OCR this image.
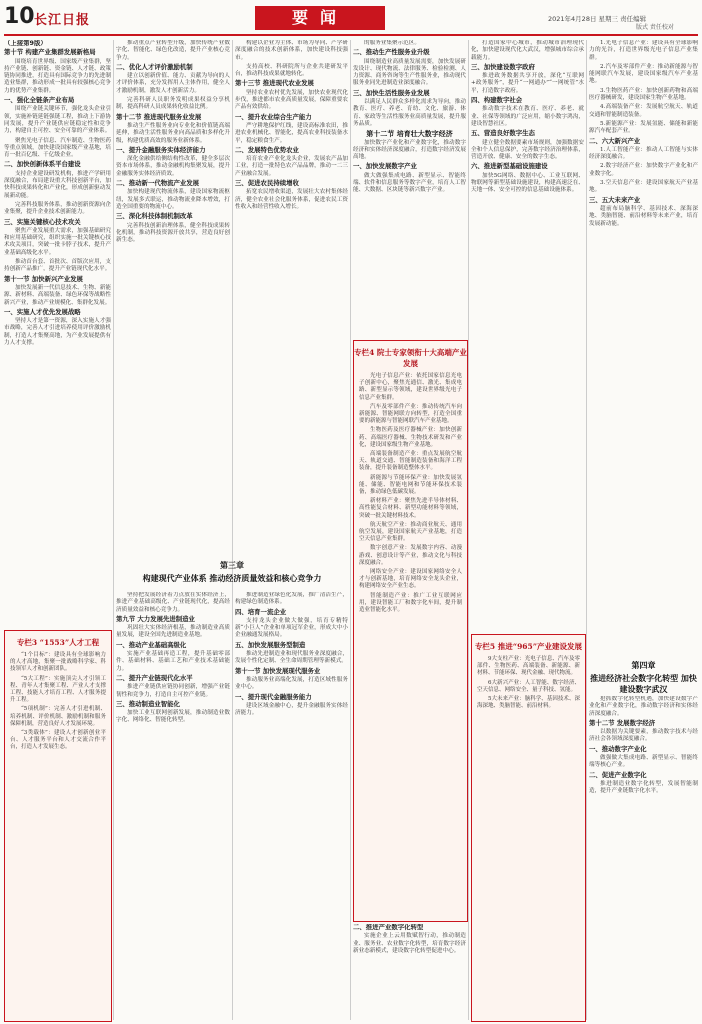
10 长江日报	要闻	2021年4月28日 星期三 责任编辑
版式 责任校对

（上接第9版）

第十节 构建产业集群发展新格局

围绕培育世界级、国家级产业集群，坚持产业链、创新链、资金链、人才链、政策链协同推进，打造具有国际竞争力的先进制造业集群，推动形成一批具有较强核心竞争力的优势产业集群。

一、强化全链条产业布局

围绕产业链关键环节，强化龙头企业引领，实施补链延链强链工程，推动上下游协同发展，提升产业链供应链稳定性和竞争力，构建自主可控、安全可靠的产业体系。

聚焦光电子信息、汽车制造、生物医药等重点领域，加快建设国家级产业基地，培育一批百亿级、千亿级企业。

二、加快创新体系平台建设

支持企业建设研发机构，推进产学研用深度融合，布局建设重大科技创新平台，加快科技成果转化和产业化，形成创新驱动发展新动能。

完善科技服务体系，推动创新资源向企业集聚，提升企业技术创新能力。

三、实施关键核心技术攻关

聚焦产业发展重大需求，加强基础研究和应用基础研究，组织实施一批关键核心技术攻关项目，突破一批卡脖子技术，提升产业基础高级化水平。

推动首台套、首批次、首版次应用，支持创新产品推广，提升产业链现代化水平。

第十一节 加快新兴产业发展

加快发展新一代信息技术、生物、新能源、新材料、高端装备、绿色环保等战略性新兴产业，推动产业规模化、集群化发展。

一、实施人才优先发展战略

坚持人才是第一资源，深入实施人才强市战略，完善人才引进培养使用评价激励机制，打造人才集聚高地，为产业发展提供有力人才支撑。

专栏3 “1553”人才工程

“1个目标”：建设具有全球影响力的人才高地，集聚一批战略科学家、科技领军人才和创新团队。

“5大工程”：实施顶尖人才引领工程、青年人才集聚工程、产业人才支撑工程、技能人才培育工程、人才服务提升工程。

“5项机制”：完善人才引进机制、培养机制、评价机制、激励机制和服务保障机制，营造良好人才发展环境。

“3类载体”：建设人才创新创业平台、人才服务平台和人才交流合作平台，打造人才发展生态。

推动重点产业转型升级，加快传统产业数字化、智能化、绿色化改造，提升产业核心竞争力。

二、优化人才评价激励机制

建立以创新价值、能力、贡献为导向的人才评价体系，充分发挥用人主体作用，健全人才激励机制，激发人才创新活力。

完善科研人员职务发明成果权益分享机制，提高科研人员成果转化收益比例。

第十二节 推进现代服务业发展

推动生产性服务业向专业化和价值链高端延伸，推动生活性服务业向高品质和多样化升级，构建优质高效的服务业新体系。

一、提升金融服务实体经济能力

深化金融供给侧结构性改革，健全多层次资本市场体系，推动金融机构集聚发展，提升金融服务实体经济质效。

二、推动新一代物流产业发展

加快构建现代物流体系，建设国家物流枢纽，发展多式联运，推动物流业降本增效，打造全国重要的物流中心。

三、深化科技体制机制改革

完善科技创新治理体系，健全科技成果转化机制，推动科技资源开放共享，营造良好创新生态。

构建以企业为主体、市场为导向、产学研深度融合的技术创新体系，加快建设科技强市。

支持高校、科研院所与企业共建研发平台，推动科技成果就地转化。

第十三节 推进现代农业发展

坚持农业农村优先发展，加快农业现代化步伐，推进都市农业高质量发展，保障重要农产品有效供给。

一、提升农业综合生产能力

严守耕地保护红线，建设高标准农田，推进农业机械化、智能化，提高农业科技装备水平，稳定粮食生产。

二、发展特色优势农业

培育农业产业化龙头企业，发展农产品加工业，打造一批特色农产品品牌，推动一二三产业融合发展。

三、促进农民持续增收

拓宽农民增收渠道，发展壮大农村集体经济，健全农业社会化服务体系，促进农民工资性收入和经营性收入增长。

的服务业集聚示范区。

二、推动生产性服务业升级

围绕制造业高质量发展需要，加快发展研发设计、现代物流、法律服务、检验检测、人力资源、商务咨询等生产性服务业，推动现代服务业同先进制造业深度融合。

三、加快生活性服务业发展

以满足人民群众多样化需求为导向，推动教育、医疗、养老、育幼、文化、旅游、体育、家政等生活性服务业高质量发展，提升服务品质。

第十二节 培育壮大数字经济

加快数字产业化和产业数字化，推动数字经济和实体经济深度融合，打造数字经济发展高地。

一、加快发展数字产业

做大做强集成电路、新型显示、智能终端、软件和信息服务等数字产业，培育人工智能、大数据、区块链等新兴数字产业。

专栏4 院士专家领衔十大高端产业发展

光电子信息产业：依托国家信息光电子创新中心，聚焦光通信、激光、集成电路、新型显示等领域，建设世界级光电子信息产业集群。

汽车及零部件产业：推动传统汽车向新能源、智能网联方向转型，打造全国重要的新能源与智能网联汽车产业基地。

生物医药及医疗器械产业：加快创新药、高端医疗器械、生物技术研发和产业化，建设国家级生物产业基地。

高端装备制造产业：重点发展航空航天、轨道交通、智能制造装备和海洋工程装备，提升装备制造整体水平。

新能源与节能环保产业：加快发展氢能、储能、智能电网和节能环保技术装备，推动绿色低碳发展。

新材料产业：聚焦先进半导体材料、高性能复合材料、新型功能材料等领域，突破一批关键材料技术。

航天航空产业：推动商业航天、通用航空发展，建设国家航天产业基地，打造空天信息产业集群。

数字创意产业：发展数字内容、动漫游戏、创意设计等产业，推动文化与科技深度融合。

网络安全产业：建设国家网络安全人才与创新基地，培育网络安全龙头企业，构建网络安全产业生态。

智能制造产业：推广工业互联网应用，建设智能工厂和数字化车间，提升制造业智能化水平。

二、推进产业数字化转型

实施企业上云用数赋智行动，推动制造业、服务业、农业数字化转型，培育数字经济新业态新模式，建设数字化转型促进中心。

打造国家中心城市，推动城市治理现代化，加快建设现代化大武汉，增强城市综合承载能力。

三、加快建设数字政府

推进政务数据共享开放，深化“互联网+政务服务”，提升“一网通办”“一网统管”水平，打造数字政府。

四、构建数字社会

推动数字技术在教育、医疗、养老、就业、社保等领域的广泛应用，缩小数字鸿沟，建设智慧社区。

五、营造良好数字生态

建立健全数据要素市场规则，加强数据安全和个人信息保护，完善数字经济治理体系，营造开放、健康、安全的数字生态。

六、推进新型基础设施建设

加快5G网络、数据中心、工业互联网、物联网等新型基础设施建设，构建高速泛在、天地一体、安全可控的信息基础设施体系。

专栏5 推进“965”产业建设发展

9大支柱产业：光电子信息、汽车及零部件、生物医药、高端装备、新能源、新材料、节能环保、现代金融、现代物流。

6大新兴产业：人工智能、数字经济、空天信息、网络安全、量子科技、氢能。

5大未来产业：脑科学、基因技术、深海深地、类脑智能、前沿材料。

1.光电子信息产业：建设具有全球影响力的光谷，打造世界级光电子信息产业集群。

2.汽车及零部件产业：推动新能源与智能网联汽车发展，建设国家级汽车产业基地。

3.生物医药产业：加快创新药物和高端医疗器械研发，建设国家生物产业基地。

4.高端装备产业：发展航空航天、轨道交通和智能制造装备。

5.新能源产业：发展氢能、储能和新能源汽车配套产业。

二、六大新兴产业

1.人工智能产业：推动人工智能与实体经济深度融合。

2.数字经济产业：加快数字产业化和产业数字化。

3.空天信息产业：建设国家航天产业基地。

三、五大未来产业

超前布局脑科学、基因技术、深海深地、类脑智能、前沿材料等未来产业，培育发展新动能。

第三章
构建现代产业体系 推动经济质量效益和核心竞争力

坚持把发展经济着力点放在实体经济上，推进产业基础高级化、产业链现代化，提高经济质量效益和核心竞争力。

第九节 大力发展先进制造业

巩固壮大实体经济根基，推动制造业高质量发展，建设全国先进制造业基地。

一、推动产业基础高级化

实施产业基础再造工程，提升基础零部件、基础材料、基础工艺和产业技术基础能力。

二、提升产业链现代化水平

推进产业链供应链协同创新，增强产业链韧性和竞争力，打造自主可控产业链。

三、推动制造业智能化

加快工业互联网创新发展，推动制造业数字化、网络化、智能化转型。

推进制造业绿色化发展，推广清洁生产，构建绿色制造体系。

四、培育一流企业

支持龙头企业做大做强，培育专精特新“小巨人”企业和单项冠军企业，形成大中小企业融通发展格局。

五、加快发展服务型制造

推动先进制造业和现代服务业深度融合，发展个性化定制、全生命周期管理等新模式。

第十一节 加快发展现代服务业

推动服务业高端化发展，打造区域性服务业中心。

一、提升现代金融服务能力

建设区域金融中心，提升金融服务实体经济能力。

第四章
推进经济社会数字化转型 加快建设数字武汉

抢抓数字化转型机遇，加快建设数字产业化和产业数字化，推动数字经济和实体经济深度融合。

第十二节 发展数字经济

以数据为关键要素，推动数字技术与经济社会各领域深度融合。

一、推动数字产业化

做强做大集成电路、新型显示、智能终端等核心产业。

二、促进产业数字化

推进制造业数字化转型，发展智能制造，提升产业链数字化水平。
